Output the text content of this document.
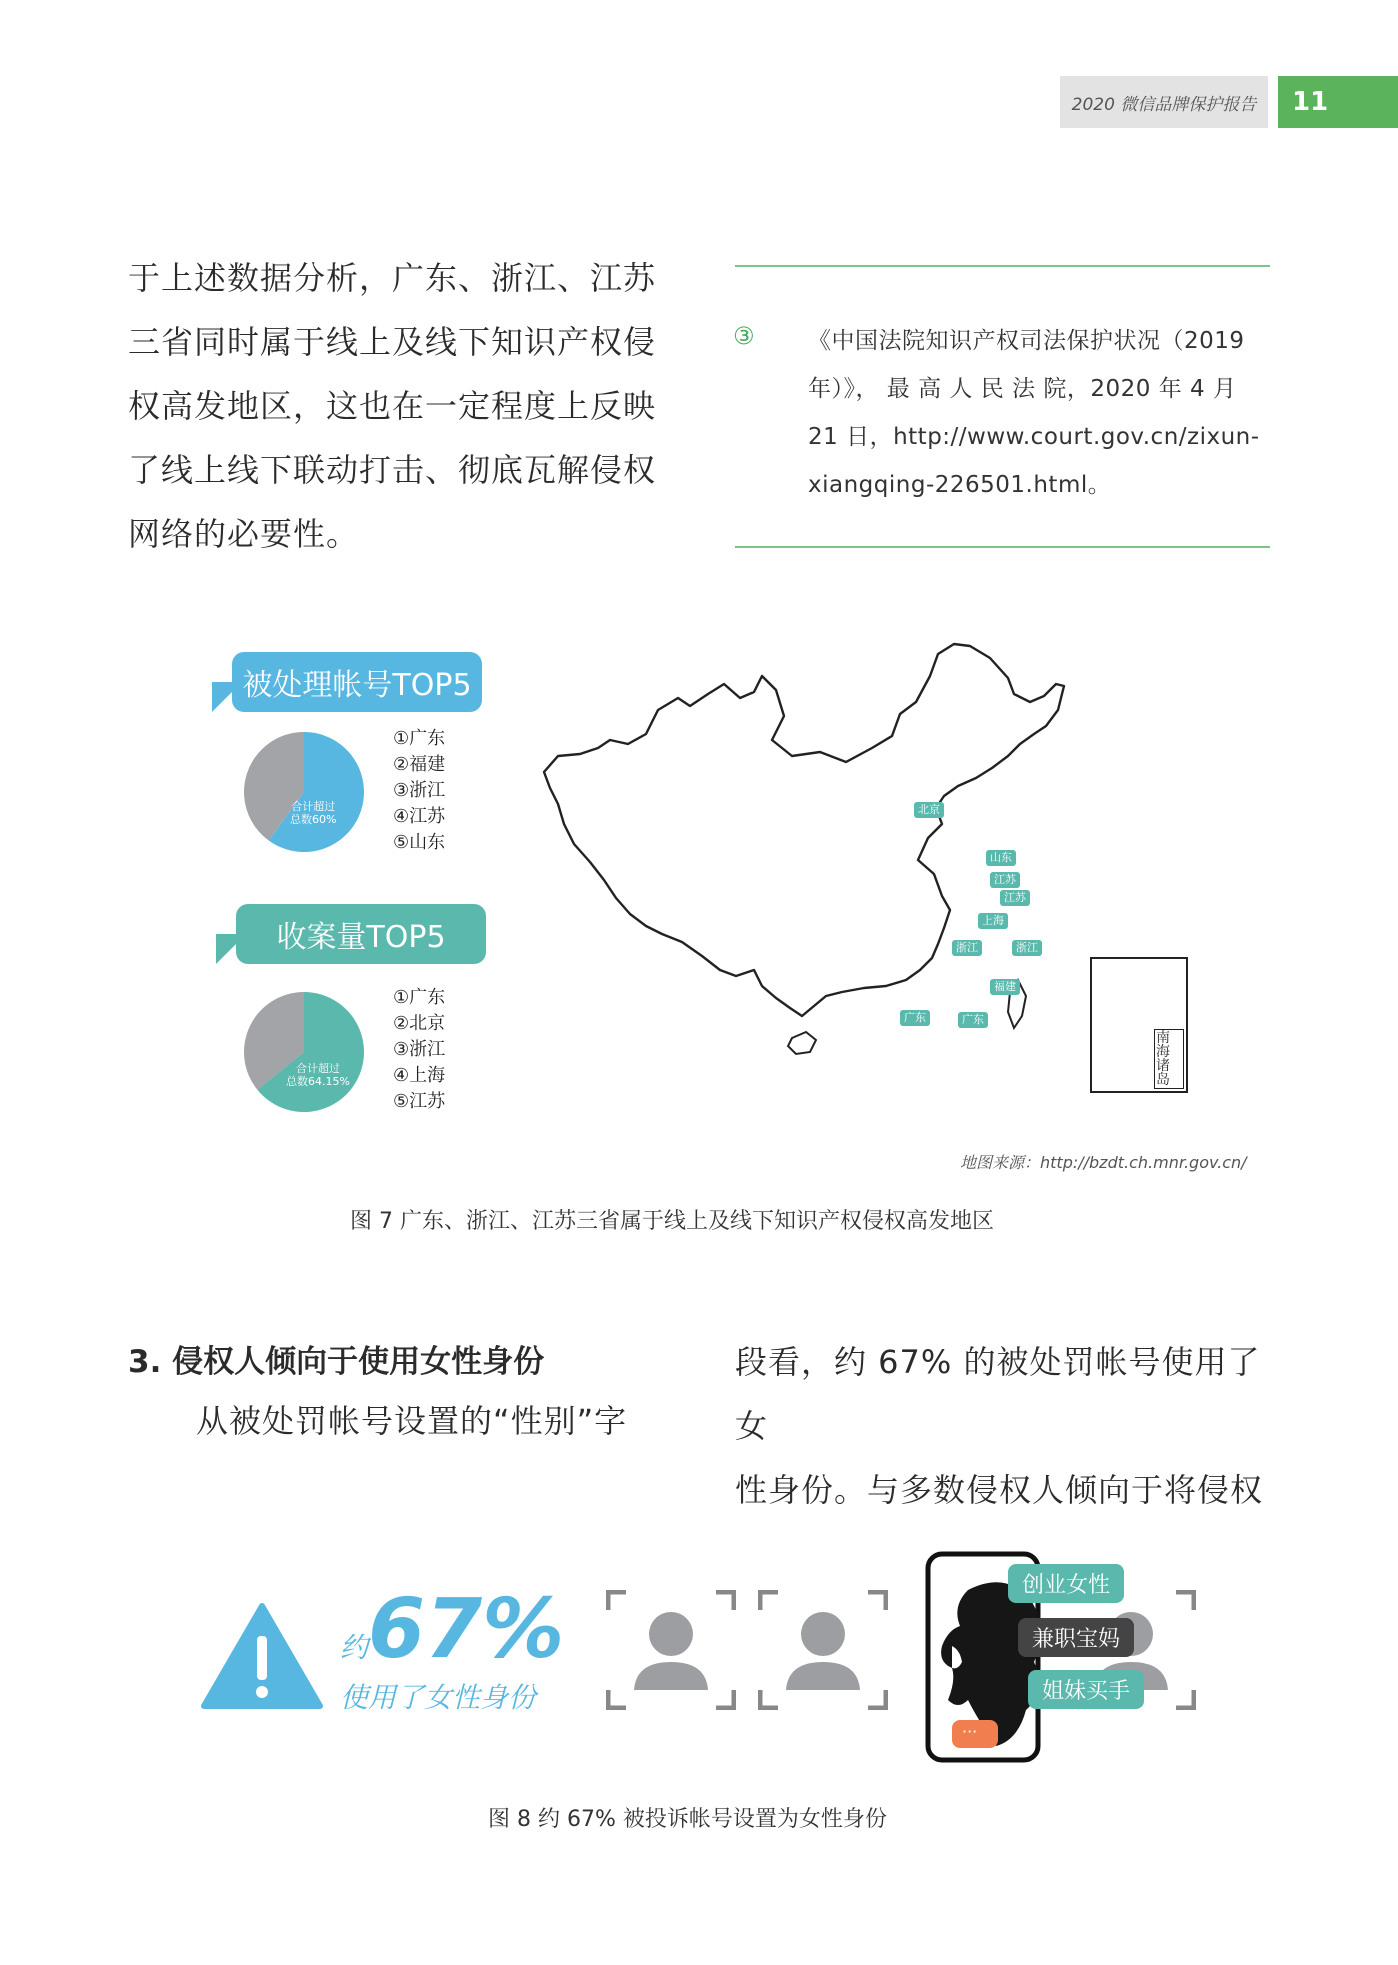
2020 微信品牌保护报告	11
于上述数据分析，广东、浙江、江苏
三省同时属于线上及线下知识产权侵
权高发地区，这也在一定程度上反映
了线上线下联动打击、彻底瓦解侵权
网络的必要性。
③ 《中国法院知识产权司法保护状况（2019
年）》， 最 高 人 民 法 院，2020 年 4 月
21 日，http://www.court.gov.cn/zixun-
xiangqing-226501.html。
被处理帐号TOP5
合计超过
总数60%
①广东
②福建
③浙江
④江苏
⑤山东
收案量TOP5
合计超过
总数64.15%
①广东
②北京
③浙江
④上海
⑤江苏
北京
山东
江苏
江苏
上海
浙江	浙江
福建
广东	广东
南海诸岛
地图来源：http://bzdt.ch.mnr.gov.cn/
图 7 广东、浙江、江苏三省属于线上及线下知识产权侵权高发地区
3. 侵权人倾向于使用女性身份
从被处罚帐号设置的“性别”字
段看，约 67% 的被处罚帐号使用了女
性身份。与多数侵权人倾向于将侵权
约67%
使用了女性身份
···
创业女性
兼职宝妈
姐妹买手
图 8 约 67% 被投诉帐号设置为女性身份
